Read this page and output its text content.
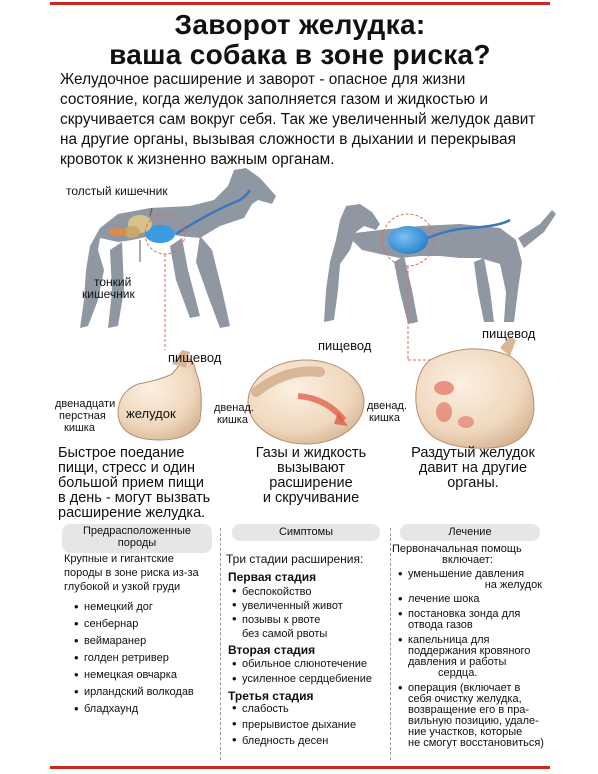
Заворот желудка:
ваша собака в зоне риска?
Желудочное расширение и заворот - опасное для жизни состояние, когда желудок заполняется газом и жидкостью и скручивается сам вокруг себя. Так же увеличенный желудок давит на другие органы, вызывая сложности в дыхании и перекрывая кровоток к жизненно важным органам.
толстый кишечник
тонкий
кишечник
пищевод
пищевод
пищевод
двенадцати
перстная
кишка
желудок	двенад.
кишка
двенад.
кишка
Быстрое поедание
пищи, стресс и один
большой прием пищи
в день - могут вызвать
расширение желудка.
Газы и жидкость
вызывают расширение
и скручивание
Раздутый желудок
давит на другие
органы.
Предрасположенные
породы
Крупные и гигантские
породы в зоне риска из-за
глубокой и узкой груди
• немецкий дог
• сенбернар
• веймаранер
• голден ретривер
• немецкая овчарка
• ирландский волкодав
• бладхаунд
Симптомы
Три стадии расширения:
Первая стадия
• беспокойство
• увеличенный живот
• позывы к рвоте
без самой рвоты
Вторая стадия
• обильное слюнотечение
• усиленное сердцебиение
Третья стадия
• слабость
• прерывистое дыхание
• бледность десен
Лечение
Первоначальная помощь
включает:
• уменьшение давления
на желудок
• лечение шока
• постановка зонда для
отвода газов
• капельница для
поддержания кровяного
давления и работы
сердца.
• операция (включает в
себя очистку желудка,
возвращение его в пра-
вильную позицию, удале-
ние участков, которые
не смогут восстановиться)
